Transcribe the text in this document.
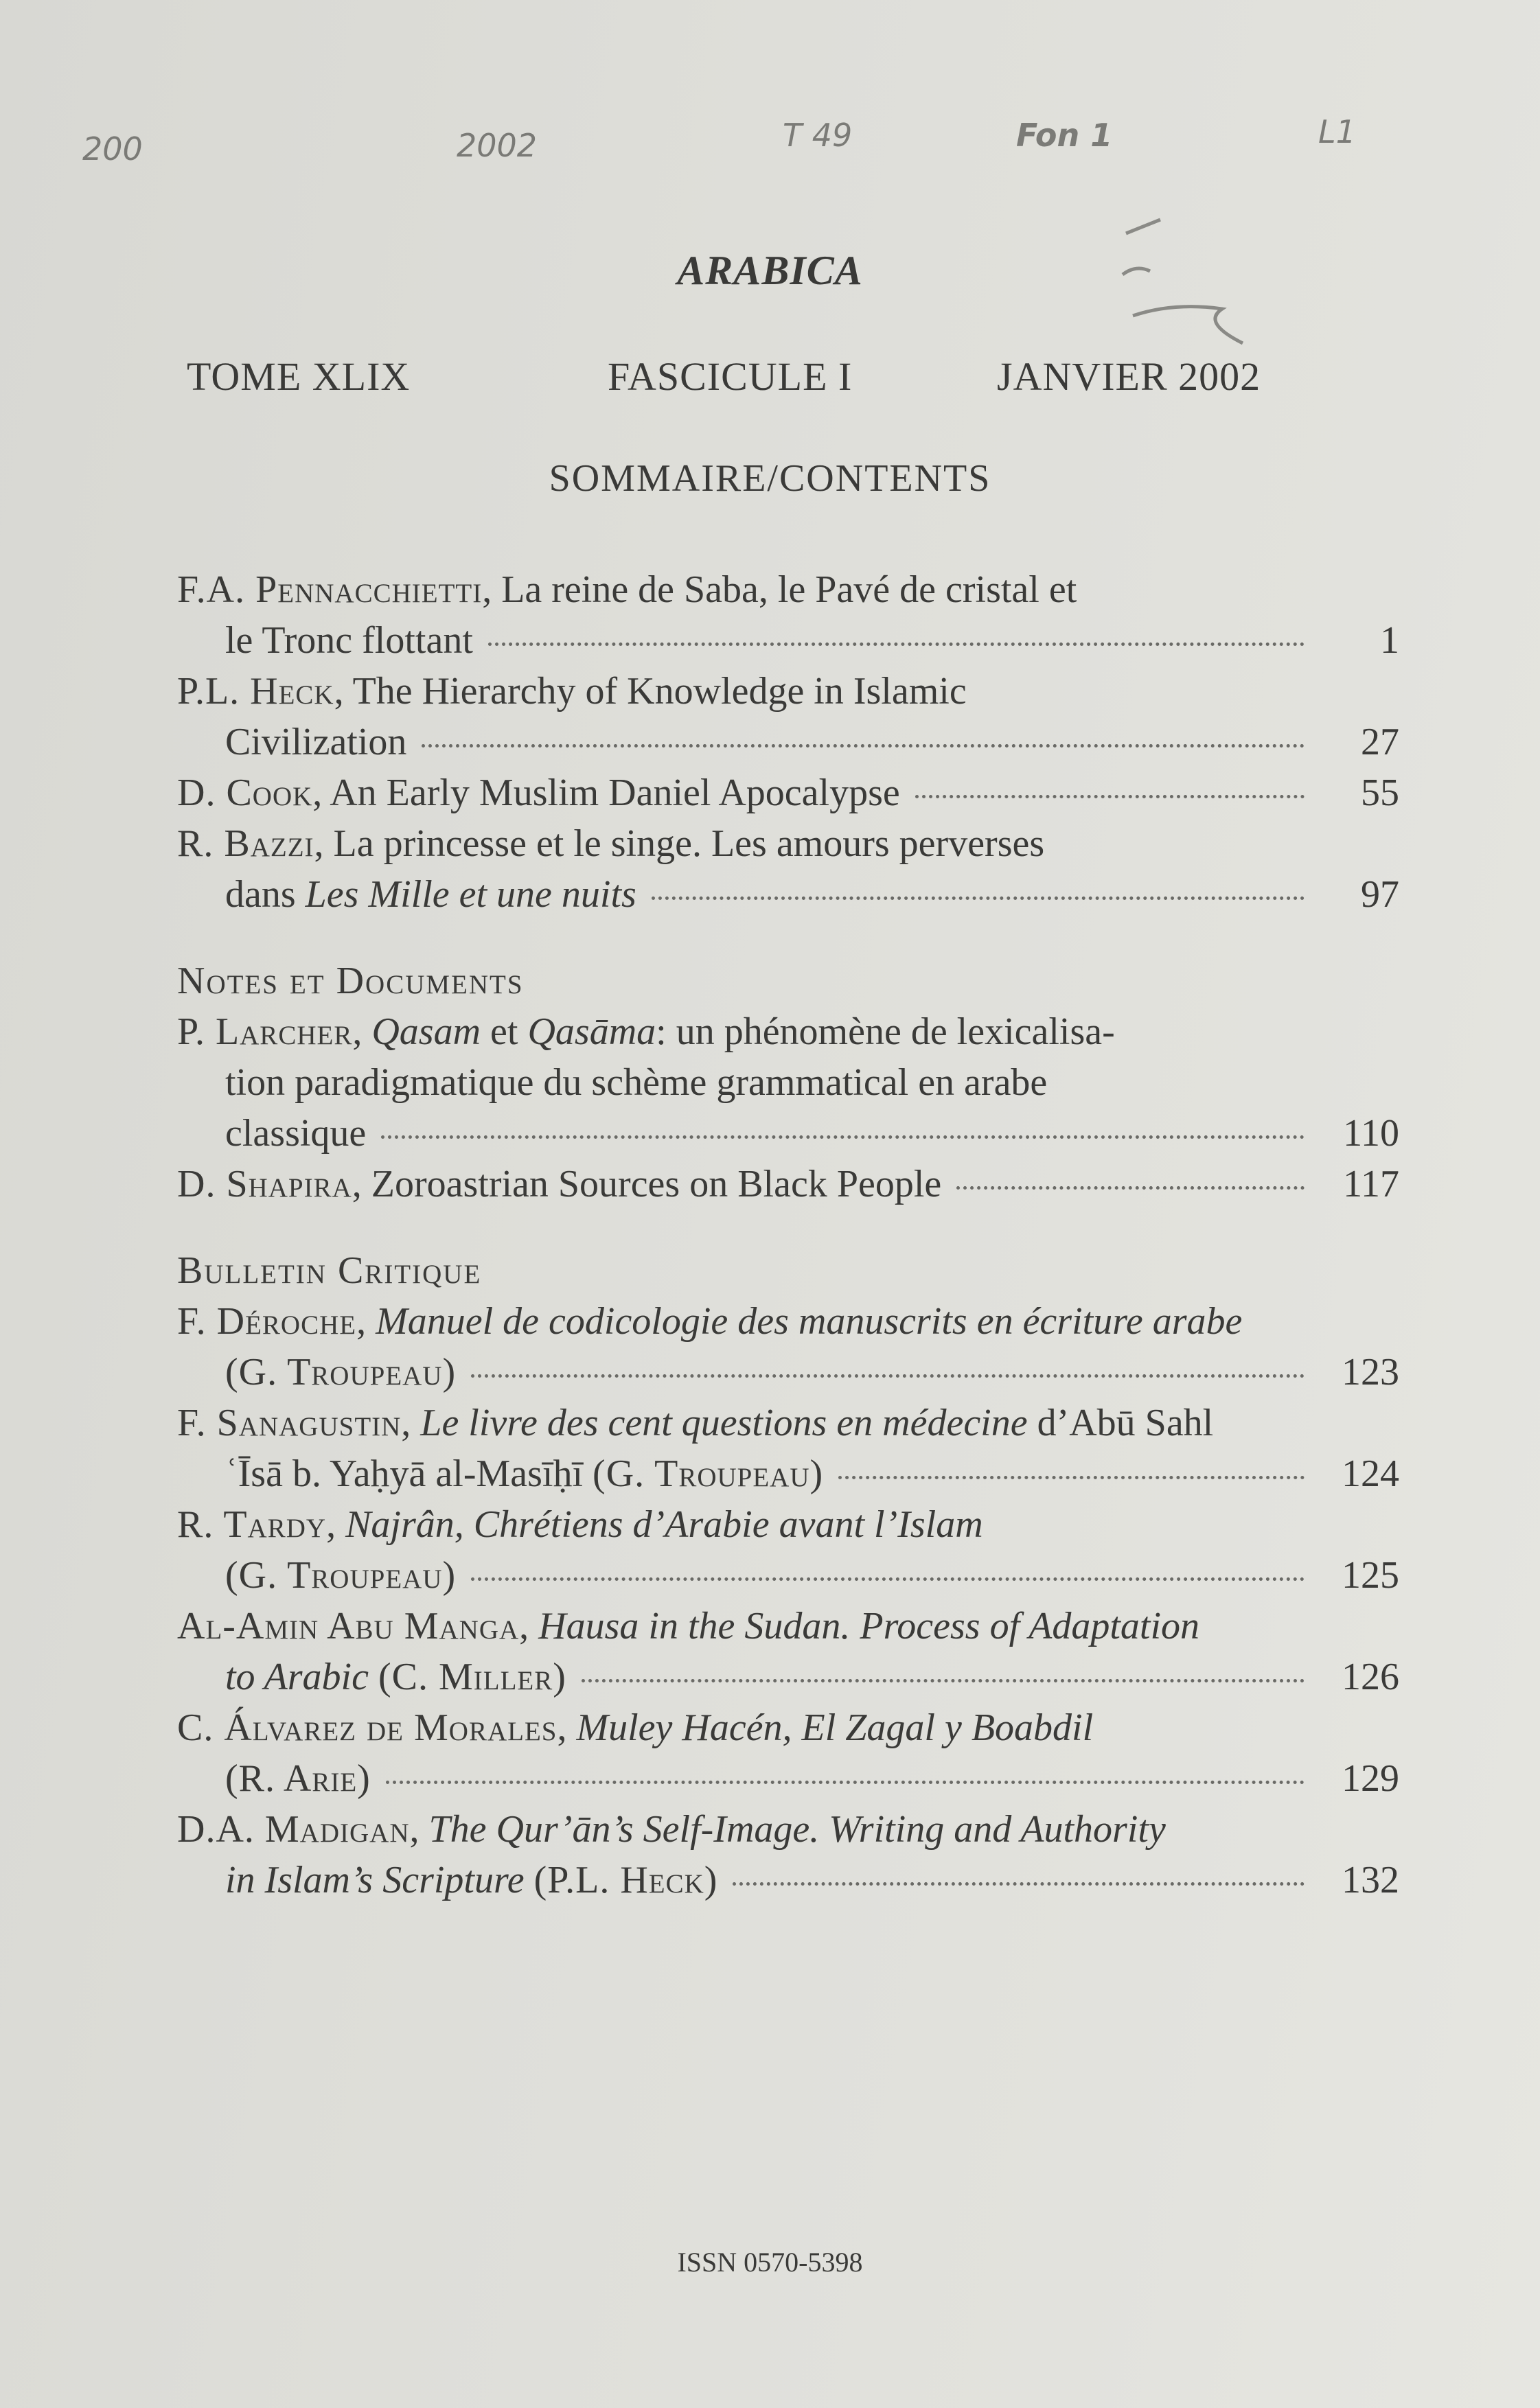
200	2002	T 49	Fon 1	L1
ARABICA
TOME XLIX	FASCICULE I	JANVIER 2002
SOMMAIRE/CONTENTS
F.A. Pennacchietti, La reine de Saba, le Pavé de cristal et
le Tronc flottant	1
P.L. Heck, The Hierarchy of Knowledge in Islamic
Civilization	27
D. Cook, An Early Muslim Daniel Apocalypse	55
R. Bazzi, La princesse et le singe. Les amours perverses
dans Les Mille et une nuits	97
Notes et Documents
P. Larcher, Qasam et Qasāma: un phénomène de lexicalisa-
tion paradigmatique du schème grammatical en arabe
classique	110
D. Shapira, Zoroastrian Sources on Black People	117
Bulletin Critique
F. Déroche, Manuel de codicologie des manuscrits en écriture arabe
(G. Troupeau)	123
F. Sanagustin, Le livre des cent questions en médecine d’Abū Sahl
ʿĪsā b. Yaḥyā al-Masīḥī (G. Troupeau)	124
R. Tardy, Najrân, Chrétiens d’Arabie avant l’Islam
(G. Troupeau)	125
Al-Amin Abu Manga, Hausa in the Sudan. Process of Adaptation
to Arabic (C. Miller)	126
C. Álvarez de Morales, Muley Hacén, El Zagal y Boabdil
(R. Arie)	129
D.A. Madigan, The Qur’ān’s Self-Image. Writing and Authority
in Islam’s Scripture (P.L. Heck)	132
ISSN 0570-5398
